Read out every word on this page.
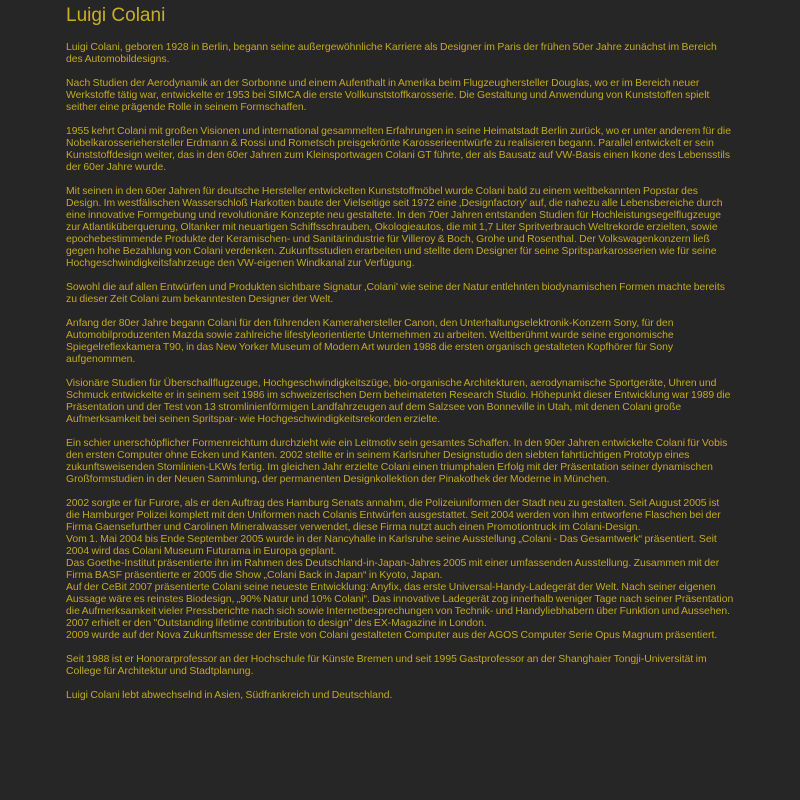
Luigi Colani

Luigi Colani, geboren 1928 in Berlin, begann seine außergewöhnliche Karriere als Designer im Paris der frühen 50er Jahre zunächst im Bereich des Automobildesigns.

Nach Studien der Aerodynamik an der Sorbonne und einem Aufenthalt in Amerika beim Flugzeughersteller Douglas, wo er im Bereich neuer Werkstoffe tätig war, entwickelte er 1953 bei SIMCA die erste Vollkunststoffkarosserie. Die Gestaltung und Anwendung von Kunststoffen spielt seither eine prägende Rolle in seinem Formschaffen.

1955 kehrt Colani mit großen Visionen und international gesammelten Erfahrungen in seine Heimatstadt Berlin zurück, wo er unter anderem für die Nobelkarosseriehersteller Erdmann & Rossi und Rometsch preisgekrönte Karosserieentwürfe zu realisieren begann. Parallel entwickelt er sein Kunststoffdesign weiter, das in den 60er Jahren zum Kleinsportwagen Colani GT führte, der als Bausatz auf VW-Basis einen Ikone des Lebensstils der 60er Jahre wurde.

Mit seinen in den 60er Jahren für deutsche Hersteller entwickelten Kunststoffmöbel wurde Colani bald zu einem weltbekannten Popstar des Design. Im westfälischen Wasserschloß Harkotten baute der Vielseitige seit 1972 eine ‚Designfactory' auf, die nahezu alle Lebensbereiche durch eine innovative Formgebung und revolutionäre Konzepte neu gestaltete. In den 70er Jahren entstanden Studien für Hochleistungsegelflugzeuge zur Atlantiküberquerung, Oltanker mit neuartigen Schiffsschrauben, Okologieautos, die mit 1,7 Liter Spritverbrauch Weltrekorde erzielten, sowie epochebestimmende Produkte der Keramischen- und Sanitärindustrie für Villeroy & Boch, Grohe und Rosenthal. Der Volkswagenkonzern ließ gegen hohe Bezahlung von Colani verdenken. Zukunftsstudien erarbeiten und stellte dem Designer für seine Spritsparkarosserien wie für seine Hochgeschwindigkeitsfahrzeuge den VW-eigenen Windkanal zur Verfügung.

Sowohl die auf allen Entwürfen und Produkten sichtbare Signatur ‚Colani' wie seine der Natur entlehnten biodynamischen Formen machte bereits zu dieser Zeit Colani zum bekanntesten Designer der Welt.

Anfang der 80er Jahre begann Colani für den führenden Kamerahersteller Canon, den Unterhaltungselektronik-Konzern Sony, für den Automobilproduzenten Mazda sowie zahlreiche lifestyleorientierte Unternehmen zu arbeiten. Weltberühmt wurde seine ergonomische Spiegelreflexkamera T90, in das New Yorker Museum of Modern Art wurden 1988 die ersten organisch gestalteten Kopfhörer für Sony aufgenommen.

Visionäre Studien für Überschallflugzeuge, Hochgeschwindigkeitszüge, bio-organische Architekturen, aerodynamische Sportgeräte, Uhren und Schmuck entwickelte er in seinem seit 1986 im schweizerischen Dern beheimateten Research Studio. Höhepunkt dieser Entwicklung war 1989 die Präsentation und der Test von 13 stromlinienförmigen Landfahrzeugen auf dem Salzsee von Bonneville in Utah, mit denen Colani große Aufmerksamkeit bei seinen Spritspar- wie Hochgeschwindigkeitsrekorden erzielte.

Ein schier unerschöpflicher Formenreichtum durchzieht wie ein Leitmotiv sein gesamtes Schaffen. In den 90er Jahren entwickelte Colani für Vobis den ersten Computer ohne Ecken und Kanten. 2002 stellte er in seinem Karlsruher Designstudio den siebten fahrtüchtigen Prototyp eines zukunftsweisenden Stomlinien-LKWs fertig. Im gleichen Jahr erzielte Colani einen triumphalen Erfolg mit der Präsentation seiner dynamischen Großformstudien in der Neuen Sammlung, der permanenten Designkollektion der Pinakothek der Moderne in München.

2002 sorgte er für Furore, als er den Auftrag des Hamburg Senats annahm, die Polizeiuniformen der Stadt neu zu gestalten. Seit August 2005 ist die Hamburger Polizei komplett mit den Uniformen nach Colanis Entwürfen ausgestattet. Seit 2004 werden von ihm entworfene Flaschen bei der Firma Gaensefurther und Carolinen Mineralwasser verwendet, diese Firma nutzt auch einen Promotiontruck im Colani-Design.
Vom 1. Mai 2004 bis Ende September 2005 wurde in der Nancyhalle in Karlsruhe seine Ausstellung „Colani - Das Gesamtwerk“ präsentiert. Seit 2004 wird das Colani Museum Futurama in Europa geplant.
Das Goethe-Institut präsentierte ihn im Rahmen des Deutschland-in-Japan-Jahres 2005 mit einer umfassenden Ausstellung. Zusammen mit der Firma BASF präsentierte er 2005 die Show „Colani Back in Japan“ in Kyoto, Japan.
Auf der CeBit 2007 präsentierte Colani seine neueste Entwicklung: Anyfix, das erste Universal-Handy-Ladegerät der Welt. Nach seiner eigenen Aussage wäre es reinstes Biodesign, „90% Natur und 10% Colani“. Das innovative Ladegerät zog innerhalb weniger Tage nach seiner Präsentation die Aufmerksamkeit vieler Pressberichte nach sich sowie Internetbesprechungen von Technik- und Handyliebhabern über Funktion und Aussehen.
2007 erhielt er den "Outstanding lifetime contribution to design" des EX-Magazine in London.
2009 wurde auf der Nova Zukunftsmesse der Erste von Colani gestalteten Computer aus der AGOS Computer Serie Opus Magnum präsentiert.

Seit 1988 ist er Honorarprofessor an der Hochschule für Künste Bremen und seit 1995 Gastprofessor an der Shanghaier Tongji-Universität im College für Architektur und Stadtplanung.

Luigi Colani lebt abwechselnd in Asien, Südfrankreich und Deutschland.
